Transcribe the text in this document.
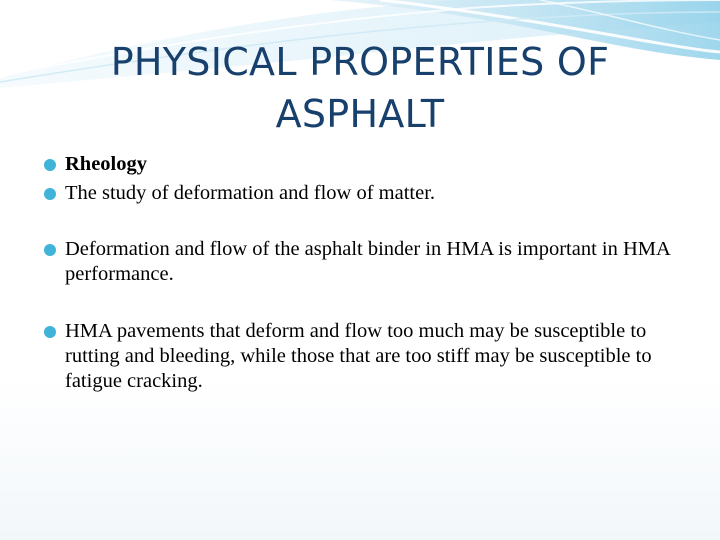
PHYSICAL PROPERTIES OF ASPHALT
Rheology
The study of deformation and flow of matter.
Deformation and flow of the asphalt binder in HMA is important in HMA performance.
HMA pavements that deform and flow too much may be susceptible to rutting and bleeding, while those that are too stiff may be susceptible to fatigue cracking.
